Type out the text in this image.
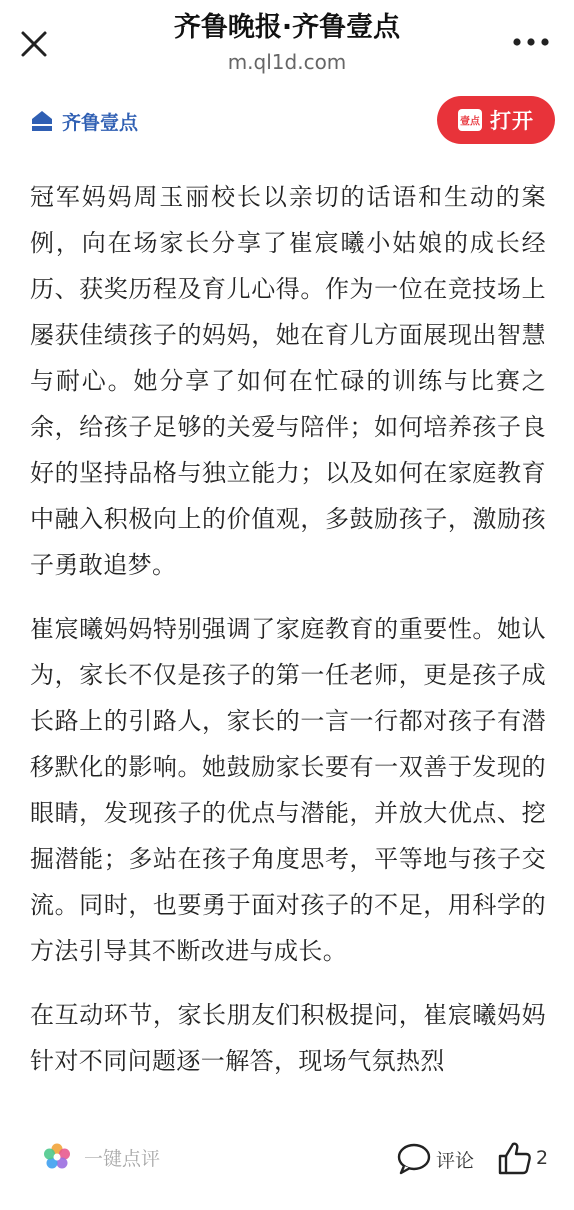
齐鲁晚报·齐鲁壹点
m.ql1d.com
齐鲁壹点	壹点 打开

冠军妈妈周玉丽校长以亲切的话语和生动的案例，向在场家长分享了崔宸曦小姑娘的成长经历、获奖历程及育儿心得。作为一位在竞技场上屡获佳绩孩子的妈妈，她在育儿方面展现出智慧与耐心。她分享了如何在忙碌的训练与比赛之余，给孩子足够的关爱与陪伴；如何培养孩子良好的坚持品格与独立能力；以及如何在家庭教育中融入积极向上的价值观，多鼓励孩子，激励孩子勇敢追梦。

崔宸曦妈妈特别强调了家庭教育的重要性。她认为，家长不仅是孩子的第一任老师，更是孩子成长路上的引路人，家长的一言一行都对孩子有潜移默化的影响。她鼓励家长要有一双善于发现的眼睛，发现孩子的优点与潜能，并放大优点、挖掘潜能；多站在孩子角度思考，平等地与孩子交流。同时，也要勇于面对孩子的不足，用科学的方法引导其不断改进与成长。

在互动环节，家长朋友们积极提问，崔宸曦妈妈针对不同问题逐一解答，现场气氛热烈

一键点评	评论	2
